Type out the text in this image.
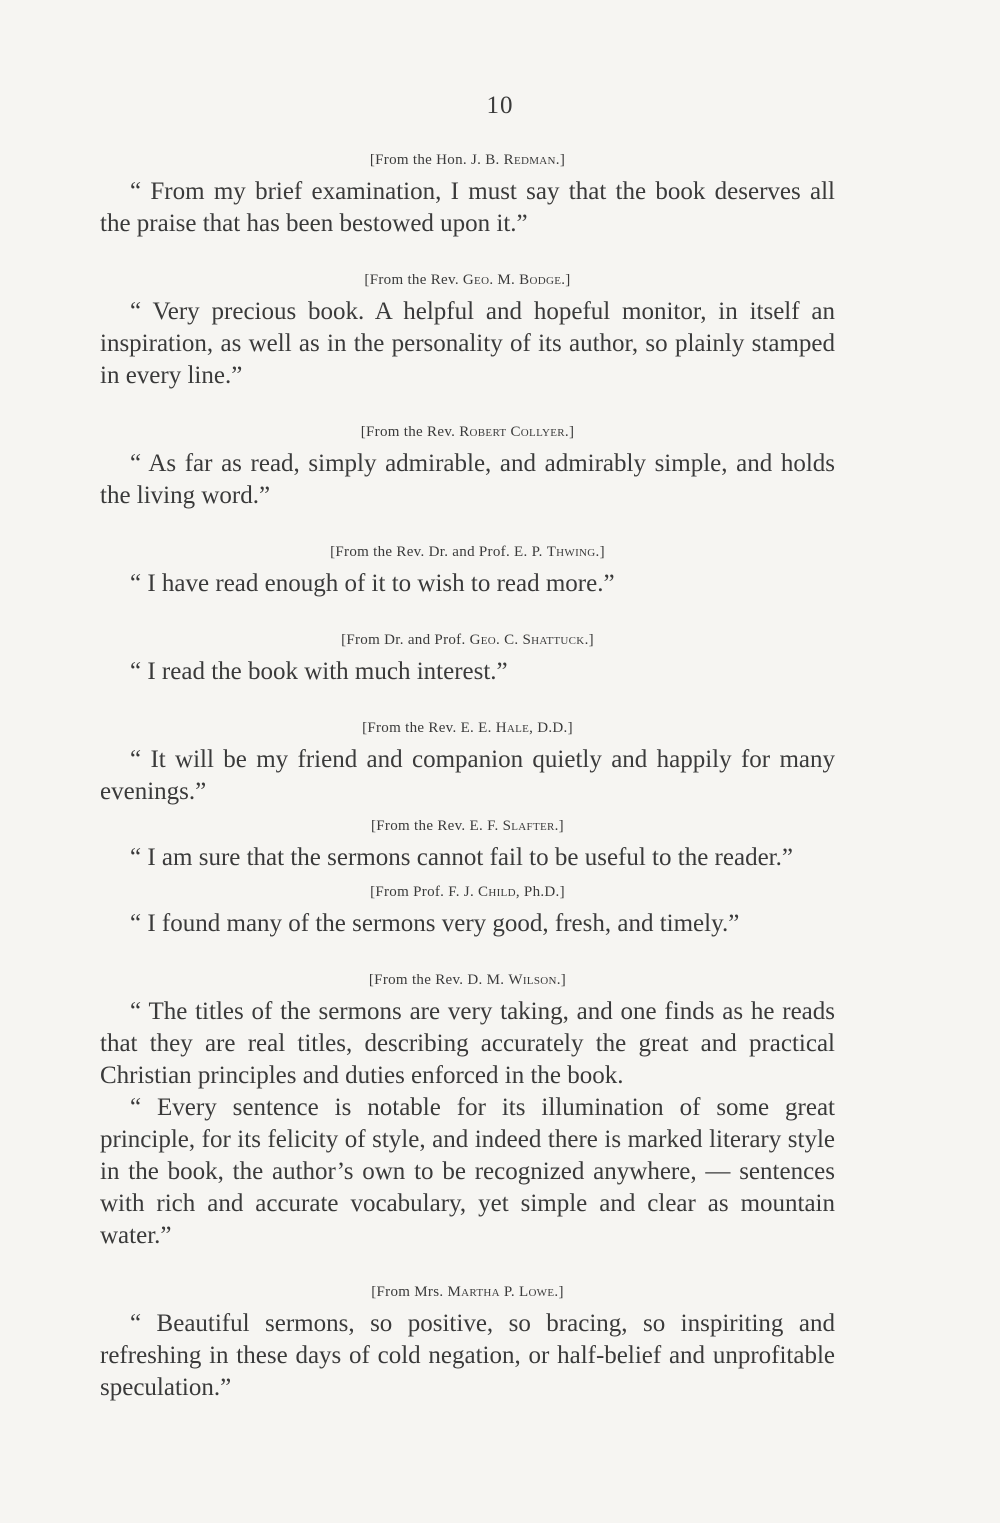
10
[From the Hon. J. B. Redman.]

“ From my brief examination, I must say that the book deserves all the praise that has been bestowed upon it.”

[From the Rev. Geo. M. Bodge.]

“ Very precious book. A helpful and hopeful monitor, in itself an inspiration, as well as in the personality of its author, so plainly stamped in every line.”

[From the Rev. Robert Collyer.]

“ As far as read, simply admirable, and admirably simple, and holds the living word.”

[From the Rev. Dr. and Prof. E. P. Thwing.]

“ I have read enough of it to wish to read more.”

[From Dr. and Prof. Geo. C. Shattuck.]

“ I read the book with much interest.”

[From the Rev. E. E. Hale, D.D.]

“ It will be my friend and companion quietly and happily for many evenings.”

[From the Rev. E. F. Slafter.]

“ I am sure that the sermons cannot fail to be useful to the reader.”

[From Prof. F. J. Child, Ph.D.]

“ I found many of the sermons very good, fresh, and timely.”

[From the Rev. D. M. Wilson.]

“ The titles of the sermons are very taking, and one finds as he reads that they are real titles, describing accurately the great and practical Christian principles and duties enforced in the book.

“ Every sentence is notable for its illumination of some great principle, for its felicity of style, and indeed there is marked literary style in the book, the author’s own to be recognized anywhere, — sentences with rich and accurate vocabulary, yet simple and clear as mountain water.”

[From Mrs. Martha P. Lowe.]

“ Beautiful sermons, so positive, so bracing, so inspiriting and refreshing in these days of cold negation, or half-belief and unprofitable speculation.”
